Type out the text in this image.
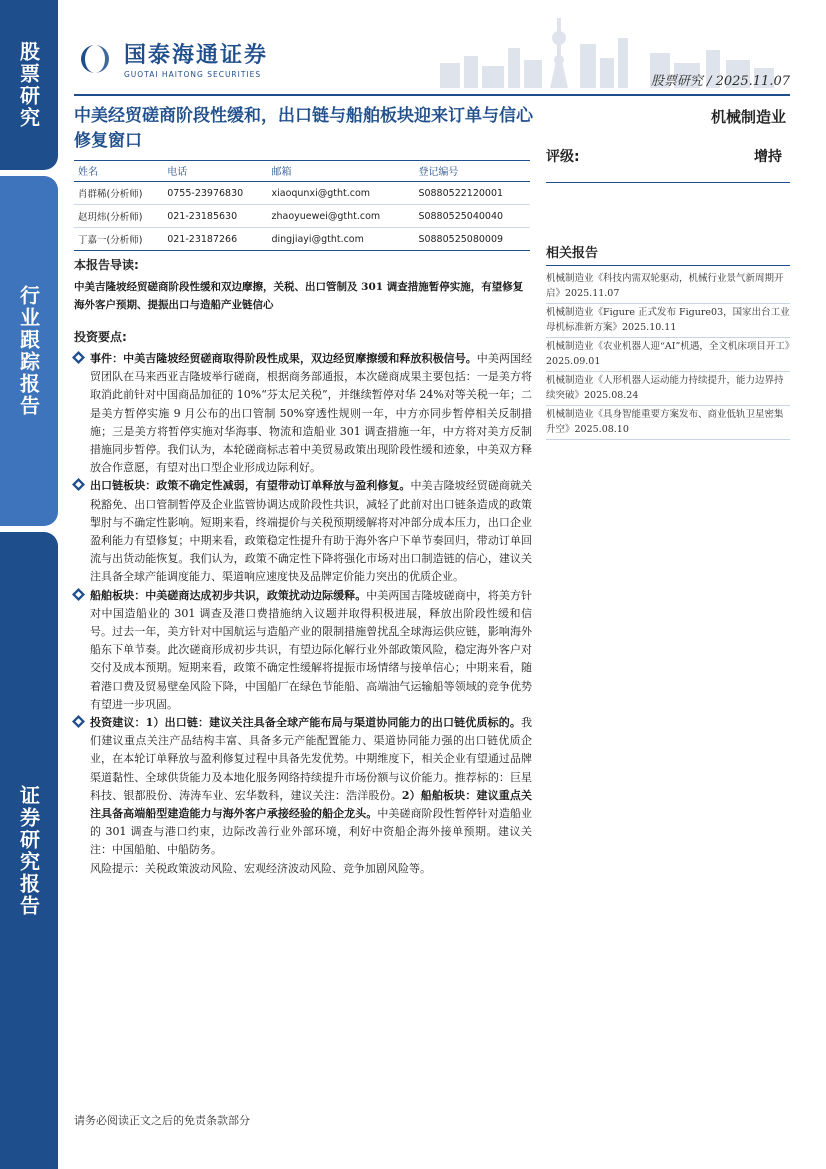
股票研究
行业跟踪报告
证券研究报告
国泰海通证券
GUOTAI HAITONG SECURITIES	股票研究 / 2025.11.07
中美经贸磋商阶段性缓和，出口链与船舶板块迎来订单与信心修复窗口
机械制造业
姓名	电话	邮箱	登记编号
肖群稀(分析师)	0755-23976830	xiaoqunxi@gtht.com	S0880522120001
赵玥炜(分析师)	021-23185630	zhaoyuewei@gtht.com	S0880525040040
丁嘉一(分析师)	021-23187266	dingjiayi@gtht.com	S0880525080009
评级:	增持
相关报告
机械制造业《科技内需双轮驱动，机械行业景气新周期开启》2025.11.07
机械制造业《Figure 正式发布 Figure03，国家出台工业母机标准新方案》2025.10.11
机械制造业《农业机器人迎“AI”机遇，全文机床项目开工》2025.09.01
机械制造业《人形机器人运动能力持续提升，能力边界持续突破》2025.08.24
机械制造业《具身智能重要方案发布、商业低轨卫星密集升空》2025.08.10
本报告导读:

中美吉隆坡经贸磋商阶段性缓和双边摩擦，关税、出口管制及 301 调查措施暂停实施，有望修复海外客户预期、提振出口与造船产业链信心

投资要点:
事件：中美吉隆坡经贸磋商取得阶段性成果，双边经贸摩擦缓和释放积极信号。中美两国经贸团队在马来西亚吉隆坡举行磋商，根据商务部通报，本次磋商成果主要包括：一是美方将取消此前针对中国商品加征的 10%“芬太尼关税”，并继续暂停对华 24%对等关税一年；二是美方暂停实施 9 月公布的出口管制 50%穿透性规则一年，中方亦同步暂停相关反制措施；三是美方将暂停实施对华海事、物流和造船业 301 调查措施一年，中方将对美方反制措施同步暂停。我们认为，本轮磋商标志着中美贸易政策出现阶段性缓和迹象，中美双方释放合作意愿，有望对出口型企业形成边际利好。
出口链板块：政策不确定性减弱，有望带动订单释放与盈利修复。中美吉隆坡经贸磋商就关税豁免、出口管制暂停及企业监管协调达成阶段性共识，减轻了此前对出口链条造成的政策掣肘与不确定性影响。短期来看，终端提价与关税预期缓解将对冲部分成本压力，出口企业盈利能力有望修复；中期来看，政策稳定性提升有助于海外客户下单节奏回归，带动订单回流与出货动能恢复。我们认为，政策不确定性下降将强化市场对出口制造链的信心，建议关注具备全球产能调度能力、渠道响应速度快及品牌定价能力突出的优质企业。
船舶板块：中美磋商达成初步共识，政策扰动边际缓释。中美两国吉隆坡磋商中，将美方针对中国造船业的 301 调查及港口费措施纳入议题并取得积极进展，释放出阶段性缓和信号。过去一年，美方针对中国航运与造船产业的限制措施曾扰乱全球海运供应链，影响海外船东下单节奏。此次磋商形成初步共识，有望边际化解行业外部政策风险，稳定海外客户对交付及成本预期。短期来看，政策不确定性缓解将提振市场情绪与接单信心；中期来看，随着港口费及贸易壁垒风险下降，中国船厂在绿色节能船、高端油气运输船等领域的竞争优势有望进一步巩固。
投资建议：1）出口链：建议关注具备全球产能布局与渠道协同能力的出口链优质标的。我们建议重点关注产品结构丰富、具备多元产能配置能力、渠道协同能力强的出口链优质企业，在本轮订单释放与盈利修复过程中具备先发优势。中期维度下，相关企业有望通过品牌渠道黏性、全球供货能力及本地化服务网络持续提升市场份额与议价能力。推荐标的：巨星科技、银都股份、涛涛车业、宏华数科，建议关注：浩洋股份。2）船舶板块：建议重点关注具备高端船型建造能力与海外客户承接经验的船企龙头。中美磋商阶段性暂停针对造船业的 301 调查与港口约束，边际改善行业外部环境，利好中资船企海外接单预期。建议关注：中国船舶、中船防务。
风险提示：关税政策波动风险、宏观经济波动风险、竞争加剧风险等。
请务必阅读正文之后的免责条款部分
